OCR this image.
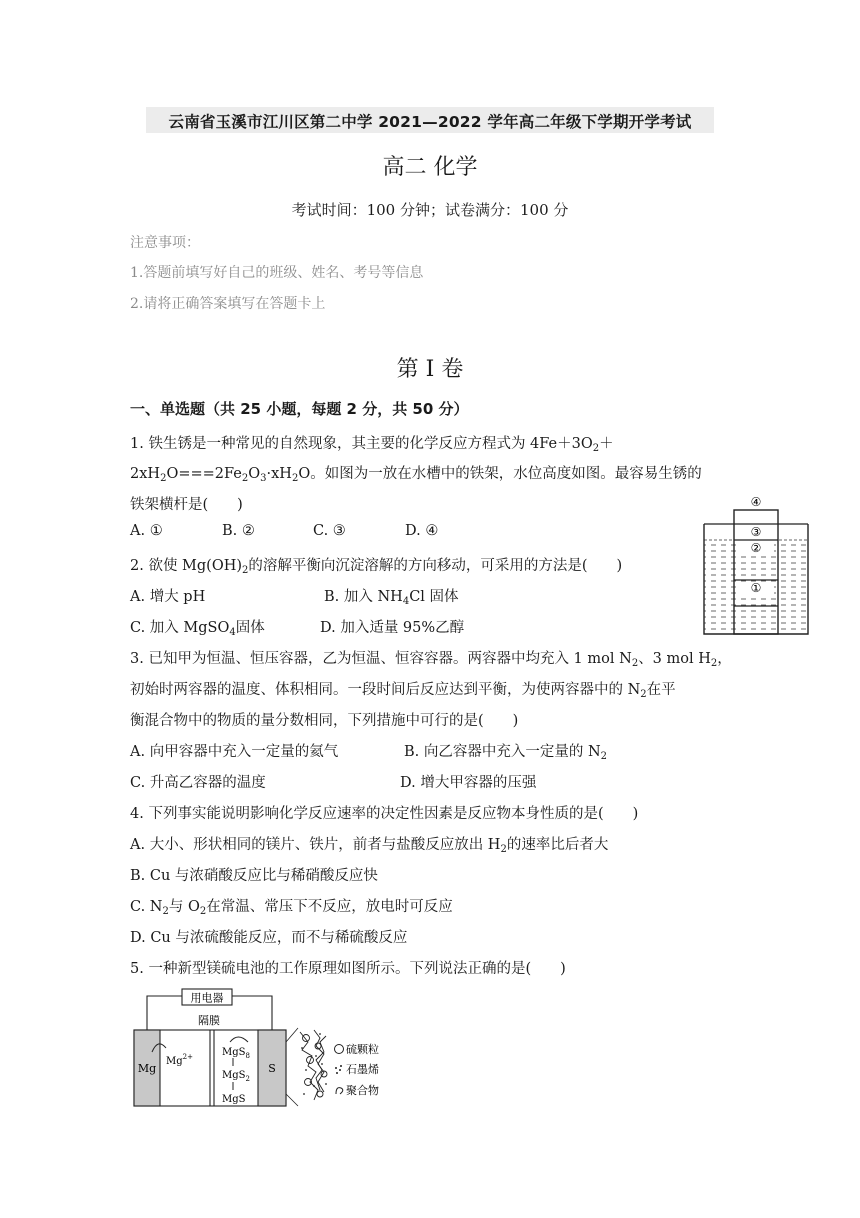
云南省玉溪市江川区第二中学 2021—2022 学年高二年级下学期开学考试
高二 化学
考试时间：100 分钟；试卷满分：100 分
注意事项：
1.答题前填写好自己的班级、姓名、考号等信息
2.请将正确答案填写在答题卡上
第 I 卷
一、单选题（共 25 小题，每题 2 分，共 50 分）
1. 铁生锈是一种常见的自然现象，其主要的化学反应方程式为 $4Fe+3O_2+$
$2xH_2O===2Fe_2O_3\cdot xH_2O$。如图为一放在水槽中的铁架，水位高度如图。最容易生锈的
铁架横杆是(　　)
A. ①	B. ②	C. ③	D. ④
④
③
②
①
2. 欲使 $Mg(OH)_2$的溶解平衡向沉淀溶解的方向移动，可采用的方法是(　　)
A. 增大 pH	B. 加入 $NH_4Cl$ 固体
C. 加入 MgSO$_4$固体	D. 加入适量 95%乙醇
3. 已知甲为恒温、恒压容器，乙为恒温、恒容容器。两容器中均充入 1 mol $N_2$、3 mol $H_2$，
初始时两容器的温度、体积相同。一段时间后反应达到平衡，为使两容器中的 $N_2$在平
衡混合物中的物质的量分数相同，下列措施中可行的是(　　)
A. 向甲容器中充入一定量的氦气	B. 向乙容器中充入一定量的 $N_2$
C. 升高乙容器的温度	D. 增大甲容器的压强
4. 下列事实能说明影响化学反应速率的决定性因素是反应物本身性质的是(　　)
A. 大小、形状相同的镁片、铁片，前者与盐酸反应放出 $H_2$的速率比后者大
B. Cu 与浓硝酸反应比与稀硝酸反应快
C. $N_2$与 $O_2$在常温、常压下不反应，放电时可反应
D. Cu 与浓硫酸能反应，而不与稀硫酸反应
5. 一种新型镁硫电池的工作原理如图所示。下列说法正确的是(　　)
用电器
隔膜
Mg	S
$Mg^{2+}$	MgS$_8$
MgS$_2$
MgS
硫颗粒
石墨烯
聚合物
